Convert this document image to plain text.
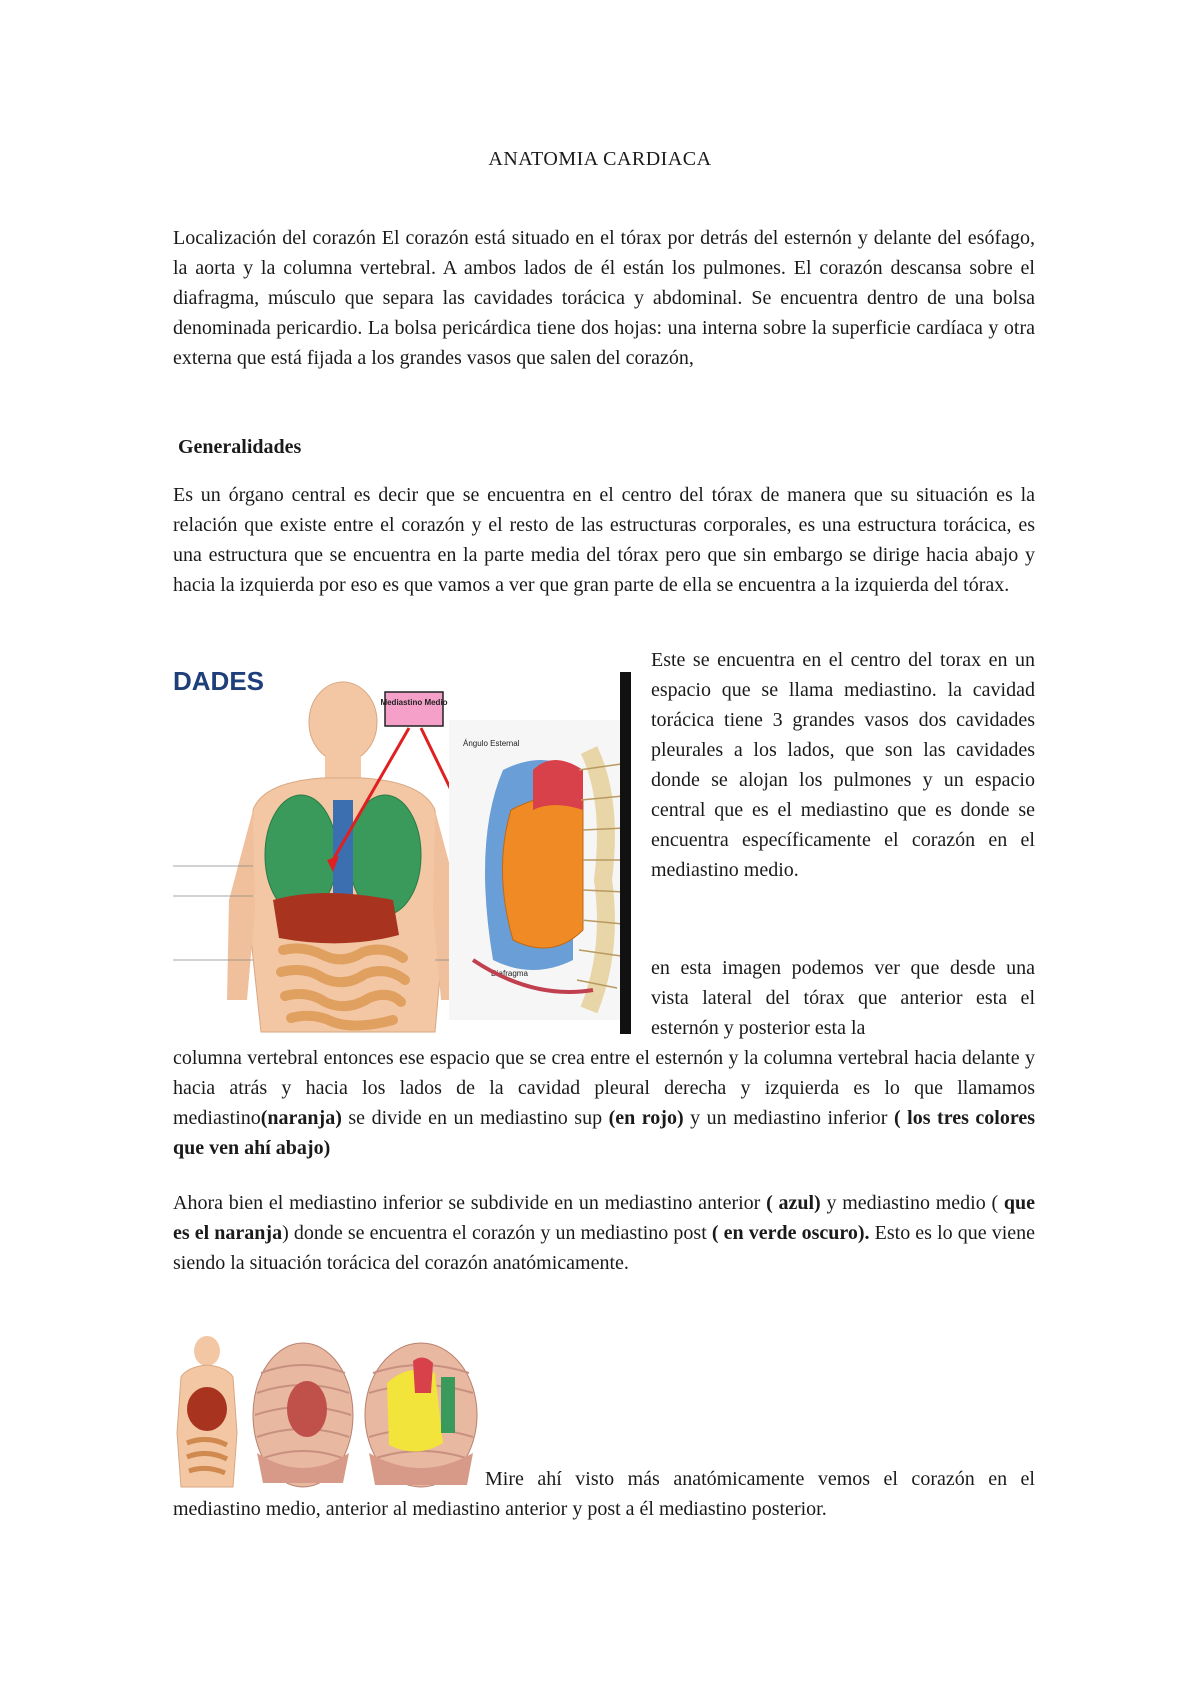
ANATOMIA CARDIACA

Localización del corazón El corazón está situado en el tórax por detrás del esternón y delante del esófago, la aorta y la columna vertebral. A ambos lados de él están los pulmones. El corazón descansa sobre el diafragma, músculo que separa las cavidades torácica y abdominal. Se encuentra dentro de una bolsa denominada pericardio. La bolsa pericárdica tiene dos hojas: una interna sobre la superficie cardíaca y otra externa que está fijada a los grandes vasos que salen del corazón,

Generalidades

Es un órgano central es decir que se encuentra en el centro del tórax de manera que su situación es la relación que existe entre el corazón y el resto de las estructuras corporales, es una estructura torácica, es una estructura que se encuentra en la parte media del tórax pero que sin embargo se dirige hacia abajo y hacia la izquierda por eso es que vamos a ver que gran parte de ella se encuentra a la izquierda del tórax.

DADES
Mediastino Medio
Ángulo Esternal
Diafragma

Este se encuentra en el centro del torax en un espacio que se llama mediastino. la cavidad torácica tiene 3 grandes vasos dos cavidades pleurales a los lados, que son las cavidades donde se alojan los pulmones y un espacio central que es el mediastino que es donde se encuentra específicamente el corazón en el mediastino medio.

en esta imagen podemos ver que desde una vista lateral del tórax que anterior esta el esternón y posterior esta la

columna vertebral entonces ese espacio que se crea entre el esternón y la columna vertebral hacia delante y hacia atrás y hacia los lados de la cavidad pleural derecha y izquierda es lo que llamamos mediastino(naranja) se divide en un mediastino sup (en rojo) y un mediastino inferior ( los tres colores que ven ahí abajo)

Ahora bien el mediastino inferior se subdivide en un mediastino anterior ( azul) y mediastino medio ( que es el naranja) donde se encuentra el corazón y un mediastino post ( en verde oscuro). Esto es lo que viene siendo la situación torácica del corazón anatómicamente.

Mire ahí visto más anatómicamente vemos el corazón en el mediastino medio, anterior al mediastino anterior y post a él mediastino posterior.
